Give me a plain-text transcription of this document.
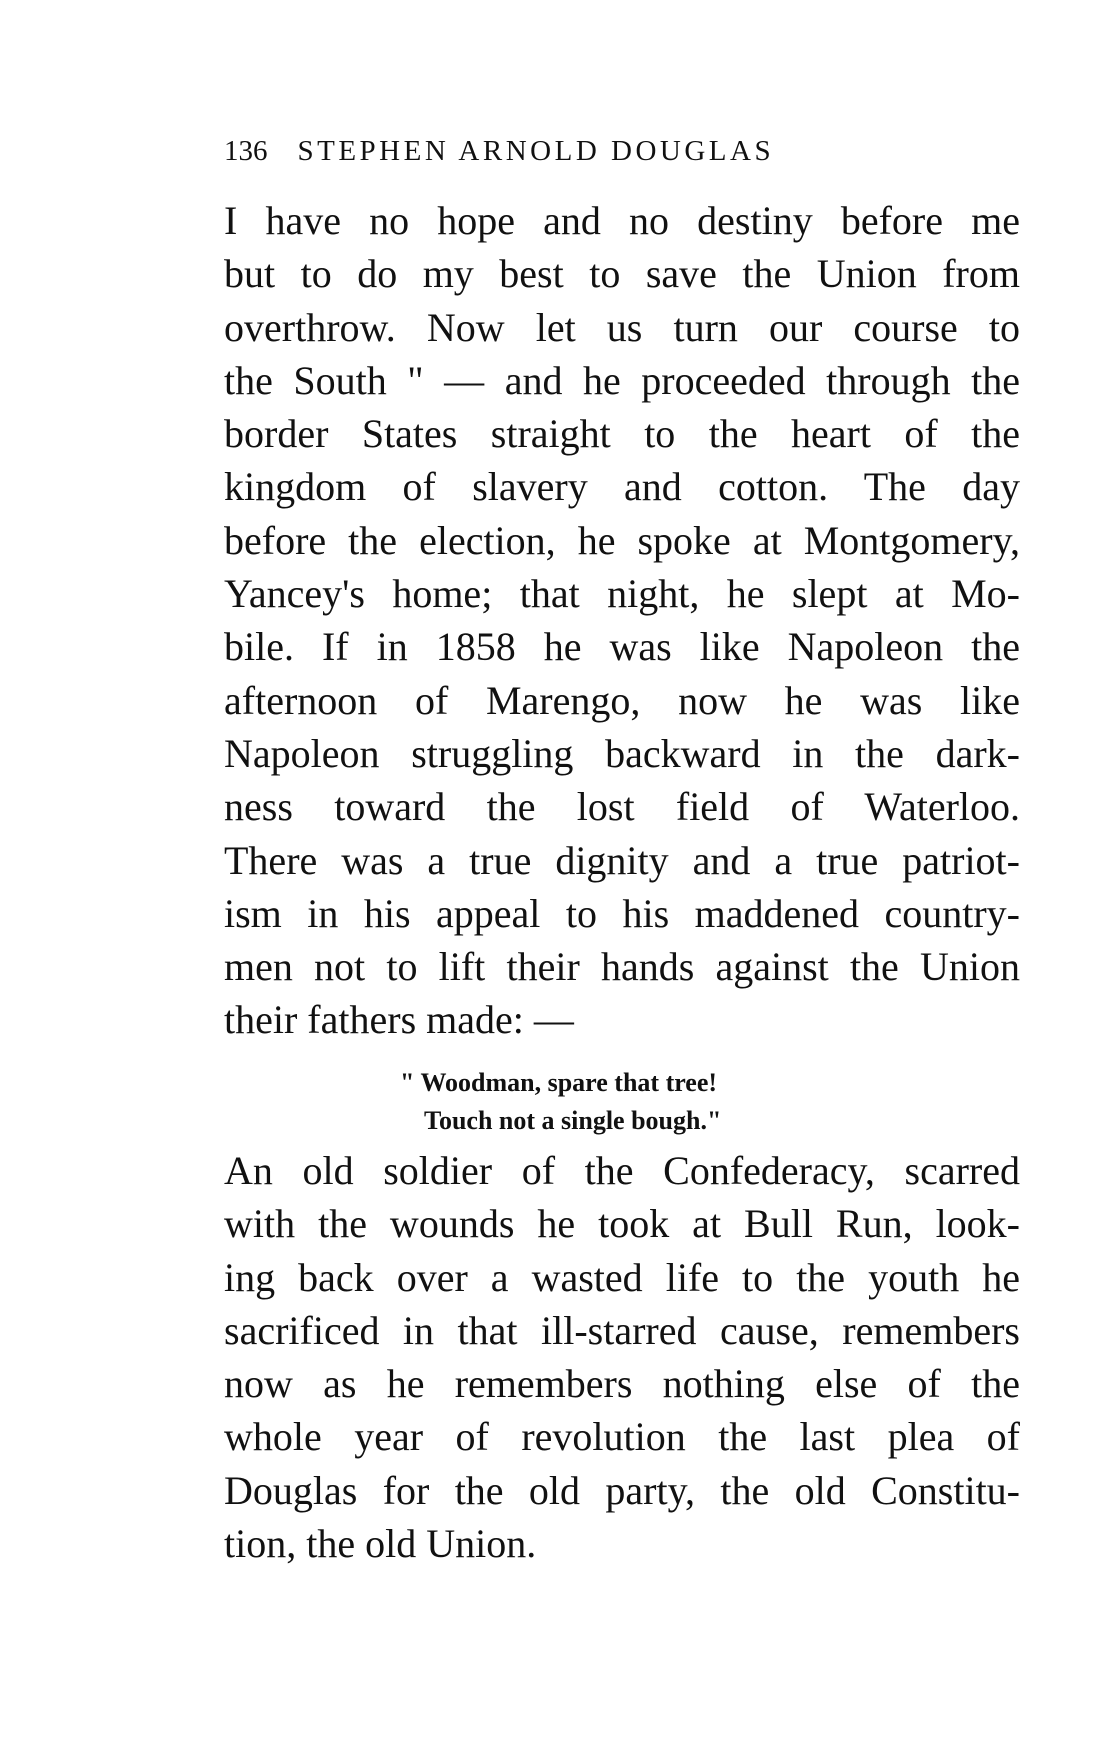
136 STEPHEN ARNOLD DOUGLAS
I have no hope and no destiny before me
but to do my best to save the Union from
overthrow. Now let us turn our course to
the South " — and he proceeded through the
border States straight to the heart of the
kingdom of slavery and cotton. The day
before the election, he spoke at Montgomery,
Yancey's home; that night, he slept at Mo-
bile. If in 1858 he was like Napoleon the
afternoon of Marengo, now he was like
Napoleon struggling backward in the dark-
ness toward the lost field of Waterloo.
There was a true dignity and a true patriot-
ism in his appeal to his maddened country-
men not to lift their hands against the Union
their fathers made: —
" Woodman, spare that tree!
Touch not a single bough."
An old soldier of the Confederacy, scarred
with the wounds he took at Bull Run, look-
ing back over a wasted life to the youth he
sacrificed in that ill-starred cause, remembers
now as he remembers nothing else of the
whole year of revolution the last plea of
Douglas for the old party, the old Constitu-
tion, the old Union.
